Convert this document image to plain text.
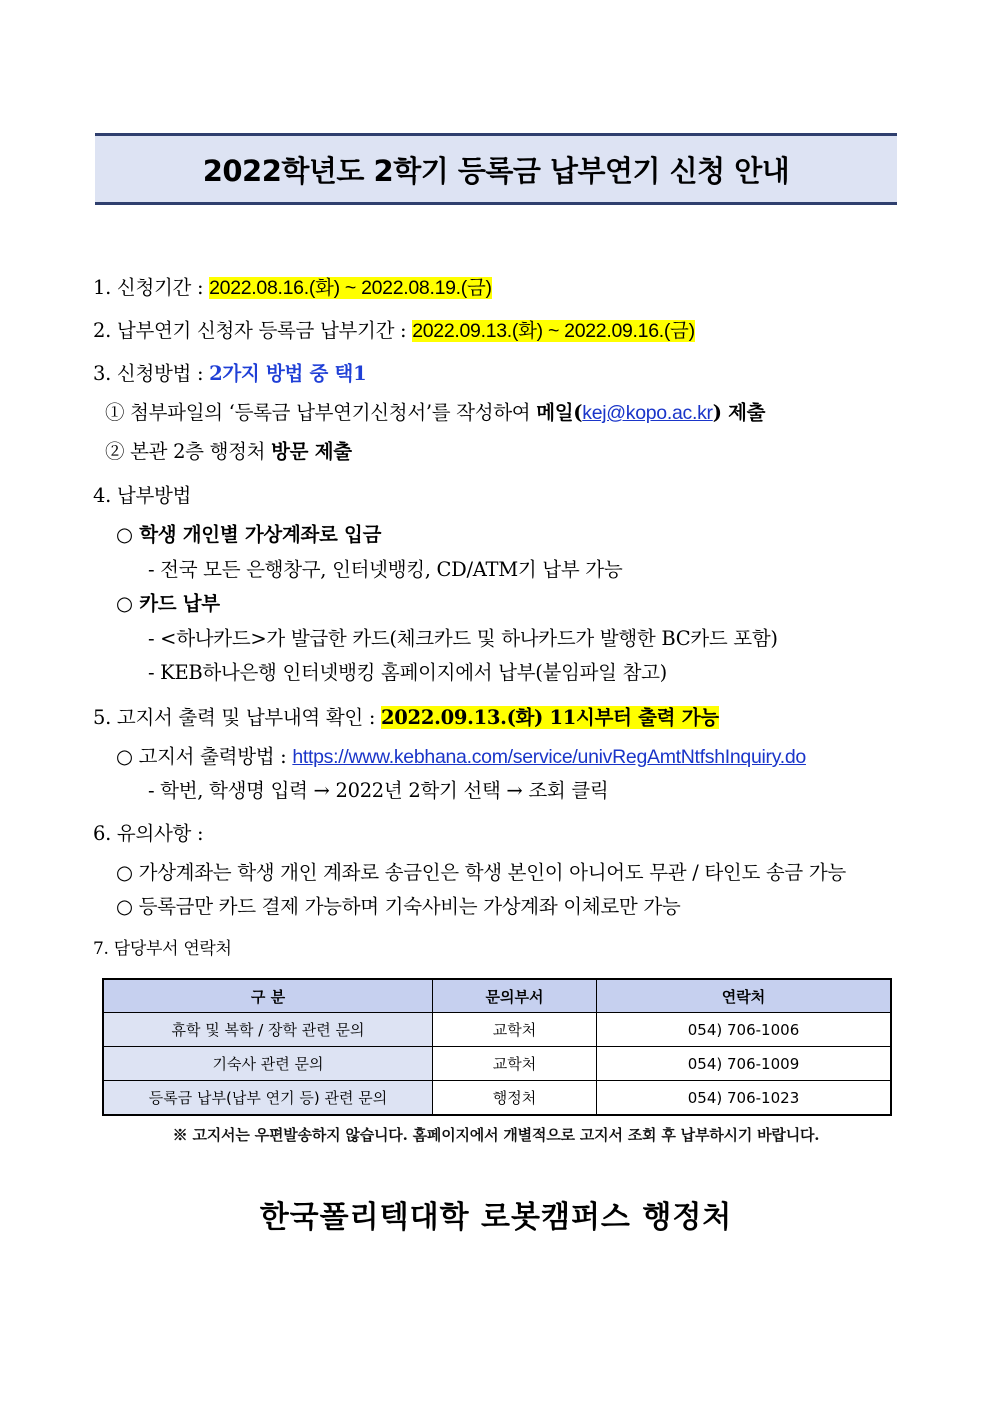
2022학년도 2학기 등록금 납부연기 신청 안내
1. 신청기간 : 2022.08.16.(화) ~ 2022.08.19.(금)
2. 납부연기 신청자 등록금 납부기간 : 2022.09.13.(화) ~ 2022.09.16.(금)
3. 신청방법 : 2가지 방법 중 택1
① 첨부파일의 ‘등록금 납부연기신청서’를 작성하여 메일(kej@kopo.ac.kr) 제출
② 본관 2층 행정처 방문 제출
4. 납부방법
○ 학생 개인별 가상계좌로 입금
- 전국 모든 은행창구, 인터넷뱅킹, CD/ATM기 납부 가능
○ 카드 납부
- <하나카드>가 발급한 카드(체크카드 및 하나카드가 발행한 BC카드 포함)
- KEB하나은행 인터넷뱅킹 홈페이지에서 납부(붙임파일 참고)
5. 고지서 출력 및 납부내역 확인 : 2022.09.13.(화) 11시부터 출력 가능
○ 고지서 출력방법 : https://www.kebhana.com/service/univRegAmtNtfshInquiry.do
- 학번, 학생명 입력 → 2022년 2학기 선택 → 조회 클릭
6. 유의사항 :
○ 가상계좌는 학생 개인 계좌로 송금인은 학생 본인이 아니어도 무관 / 타인도 송금 가능
○ 등록금만 카드 결제 가능하며 기숙사비는 가상계좌 이체로만 가능
7. 담당부서 연락처
구 분	문의부서	연락처
휴학 및 복학 / 장학 관련 문의	교학처	054) 706-1006
기숙사 관련 문의	교학처	054) 706-1009
등록금 납부(납부 연기 등) 관련 문의	행정처	054) 706-1023
※ 고지서는 우편발송하지 않습니다. 홈페이지에서 개별적으로 고지서 조회 후 납부하시기 바랍니다.
한국폴리텍대학 로봇캠퍼스 행정처
